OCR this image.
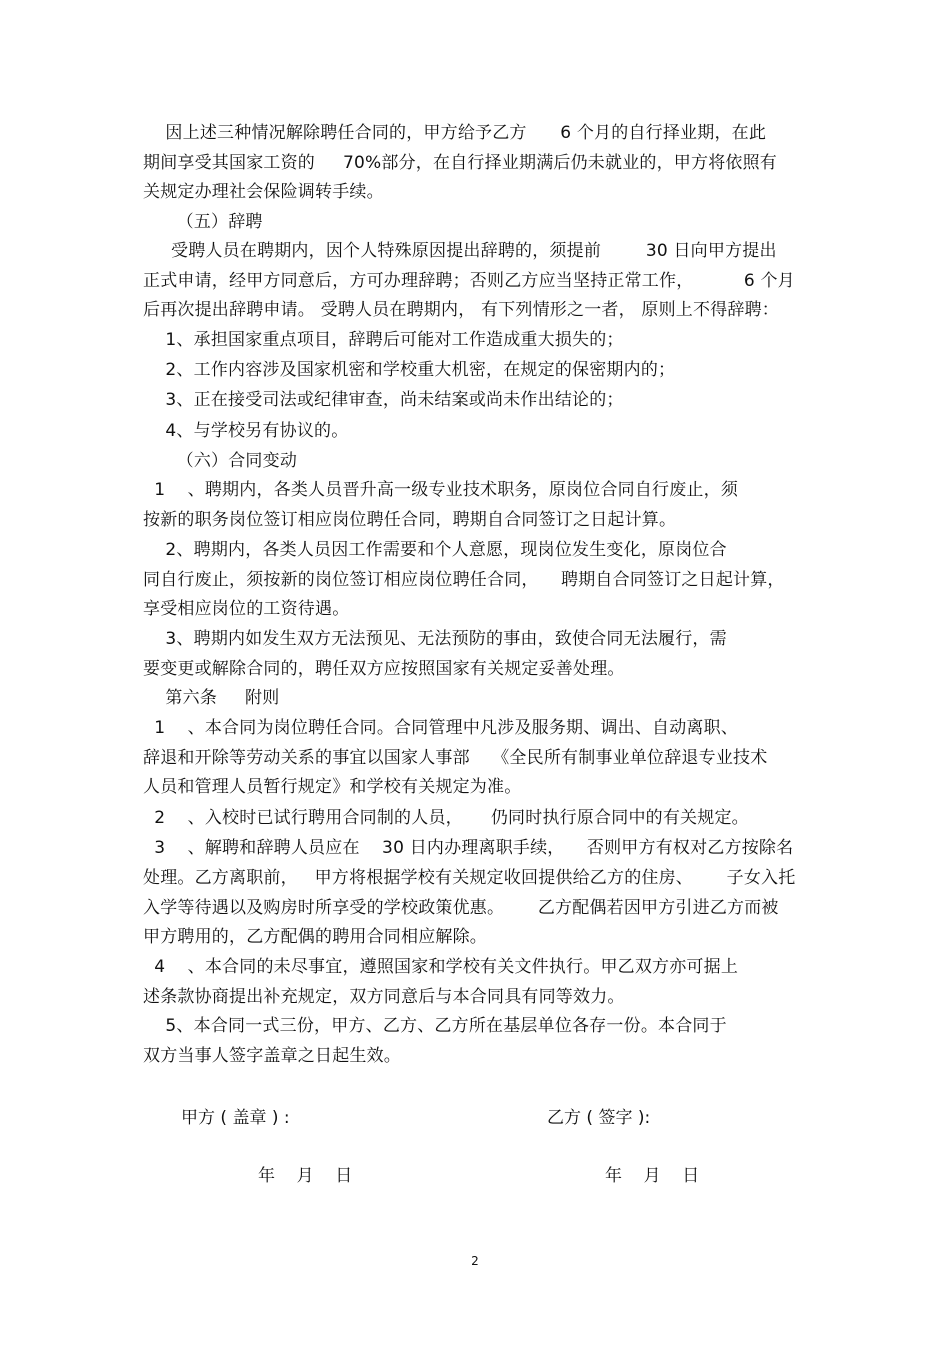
因上述三种情况解除聘任合同的，甲方给予乙方      6 个月的自行择业期，在此
期间享受其国家工资的     70%部分，在自行择业期满后仍未就业的，甲方将依照有
关规定办理社会保险调转手续。
（五）辞聘
受聘人员在聘期内，因个人特殊原因提出辞聘的，须提前        30 日向甲方提出
正式申请，经甲方同意后，方可办理辞聘；否则乙方应当坚持正常工作，         6 个月
后再次提出辞聘申请。 受聘人员在聘期内， 有下列情形之一者， 原则上不得辞聘：
1、承担国家重点项目，辞聘后可能对工作造成重大损失的；
2、工作内容涉及国家机密和学校重大机密，在规定的保密期内的；
3、正在接受司法或纪律审查，尚未结案或尚未作出结论的；
4、与学校另有协议的。
（六）合同变动
1    、聘期内，各类人员晋升高一级专业技术职务，原岗位合同自行废止，须
按新的职务岗位签订相应岗位聘任合同，聘期自合同签订之日起计算。
2、聘期内，各类人员因工作需要和个人意愿，现岗位发生变化，原岗位合
同自行废止，须按新的岗位签订相应岗位聘任合同，    聘期自合同签订之日起计算，
享受相应岗位的工资待遇。
3、聘期内如发生双方无法预见、无法预防的事由，致使合同无法履行，需
要变更或解除合同的，聘任双方应按照国家有关规定妥善处理。
第六条     附则
1    、本合同为岗位聘任合同。合同管理中凡涉及服务期、调出、自动离职、
辞退和开除等劳动关系的事宜以国家人事部    《全民所有制事业单位辞退专业技术
人员和管理人员暂行规定》和学校有关规定为准。
2    、入校时已试行聘用合同制的人员，     仍同时执行原合同中的有关规定。
3    、解聘和辞聘人员应在    30 日内办理离职手续，    否则甲方有权对乙方按除名
处理。乙方离职前，   甲方将根据学校有关规定收回提供给乙方的住房、      子女入托
入学等待遇以及购房时所享受的学校政策优惠。      乙方配偶若因甲方引进乙方而被
甲方聘用的，乙方配偶的聘用合同相应解除。
4    、本合同的未尽事宜，遵照国家和学校有关文件执行。甲乙双方亦可据上
述条款协商提出补充规定，双方同意后与本合同具有同等效力。
5、本合同一式三份，甲方、乙方、乙方所在基层单位各存一份。本合同于
双方当事人签字盖章之日起生效。
甲方 ( 盖章 ) :	乙方 ( 签字 ):
年    月    日	年    月    日
2
